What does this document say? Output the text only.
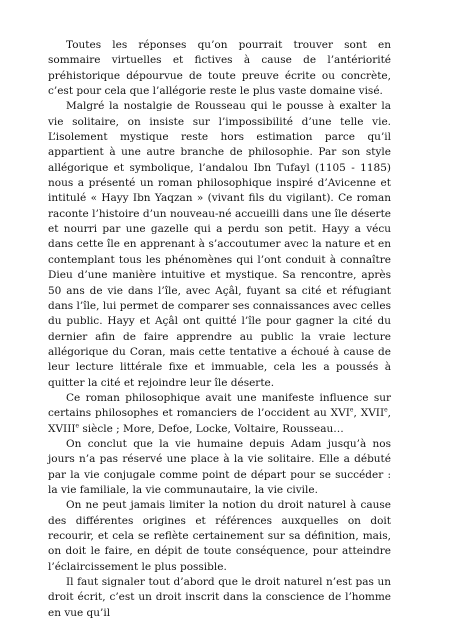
Toutes les réponses qu’on pourrait trouver sont en sommaire virtuelles et fictives à cause de l’antériorité préhistorique dépourvue de toute preuve écrite ou concrète, c’est pour cela que l’allégorie reste le plus vaste domaine visé.

Malgré la nostalgie de Rousseau qui le pousse à exalter la vie solitaire, on insiste sur l’impossibilité d’une telle vie. L’isolement mystique reste hors estimation parce qu’il appartient à une autre branche de philosophie. Par son style allégorique et symbolique, l’andalou Ibn Tufayl (1105 - 1185) nous a présenté un roman philosophique inspiré d’Avicenne et intitulé « Hayy Ibn Yaqzan » (vivant fils du vigilant). Ce roman raconte l’histoire d’un nouveau-né accueilli dans une île déserte et nourri par une gazelle qui a perdu son petit. Hayy a vécu dans cette île en apprenant à s’accoutumer avec la nature et en contemplant tous les phénomènes qui l’ont conduit à connaître Dieu d’une manière intuitive et mystique. Sa rencontre, après 50 ans de vie dans l’île, avec Açâl, fuyant sa cité et réfugiant dans l’île, lui permet de comparer ses connaissances avec celles du public. Hayy et Açâl ont quitté l’île pour gagner la cité du dernier afin de faire apprendre au public la vraie lecture allégorique du Coran, mais cette tentative a échoué à cause de leur lecture littérale fixe et immuable, cela les a poussés à quitter la cité et rejoindre leur île déserte.

Ce roman philosophique avait une manifeste influence sur certains philosophes et romanciers de l’occident au XVIe, XVIIe, XVIIIe siècle ; More, Defoe, Locke, Voltaire, Rousseau…

On conclut que la vie humaine depuis Adam jusqu’à nos jours n’a pas réservé une place à la vie solitaire. Elle a débuté par la vie conjugale comme point de départ pour se succéder : la vie familiale, la vie communautaire, la vie civile.

On ne peut jamais limiter la notion du droit naturel à cause des différentes origines et références auxquelles on doit recourir, et cela se reflète certainement sur sa définition, mais, on doit le faire, en dépit de toute conséquence, pour atteindre l’éclaircissement le plus possible.

Il faut signaler tout d’abord que le droit naturel n’est pas un droit écrit, c’est un droit inscrit dans la conscience de l’homme en vue qu’il
